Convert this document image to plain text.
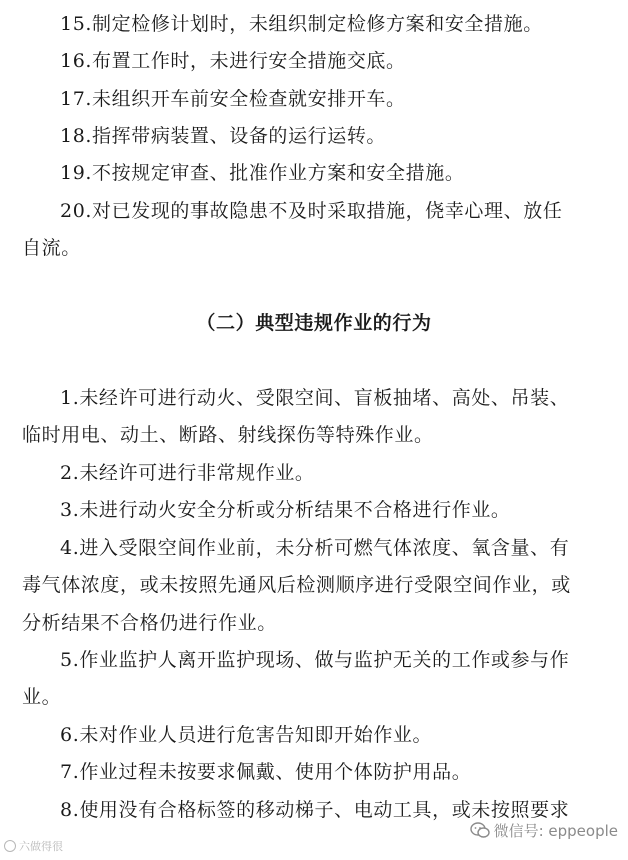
15.制定检修计划时，未组织制定检修方案和安全措施。
16.布置工作时，未进行安全措施交底。
17.未组织开车前安全检查就安排开车。
18.指挥带病装置、设备的运行运转。
19.不按规定审查、批准作业方案和安全措施。
20.对已发现的事故隐患不及时采取措施，侥幸心理、放任
自流。
（二）典型违规作业的行为
1.未经许可进行动火、受限空间、盲板抽堵、高处、吊装、
临时用电、动土、断路、射线探伤等特殊作业。
2.未经许可进行非常规作业。
3.未进行动火安全分析或分析结果不合格进行作业。
4.进入受限空间作业前，未分析可燃气体浓度、氧含量、有
毒气体浓度，或未按照先通风后检测顺序进行受限空间作业，或
分析结果不合格仍进行作业。
5.作业监护人离开监护现场、做与监护无关的工作或参与作
业。
6.未对作业人员进行危害告知即开始作业。
7.作业过程未按要求佩戴、使用个体防护用品。
8.使用没有合格标签的移动梯子、电动工具，或未按照要求
六做得很
微信号: eppeople
